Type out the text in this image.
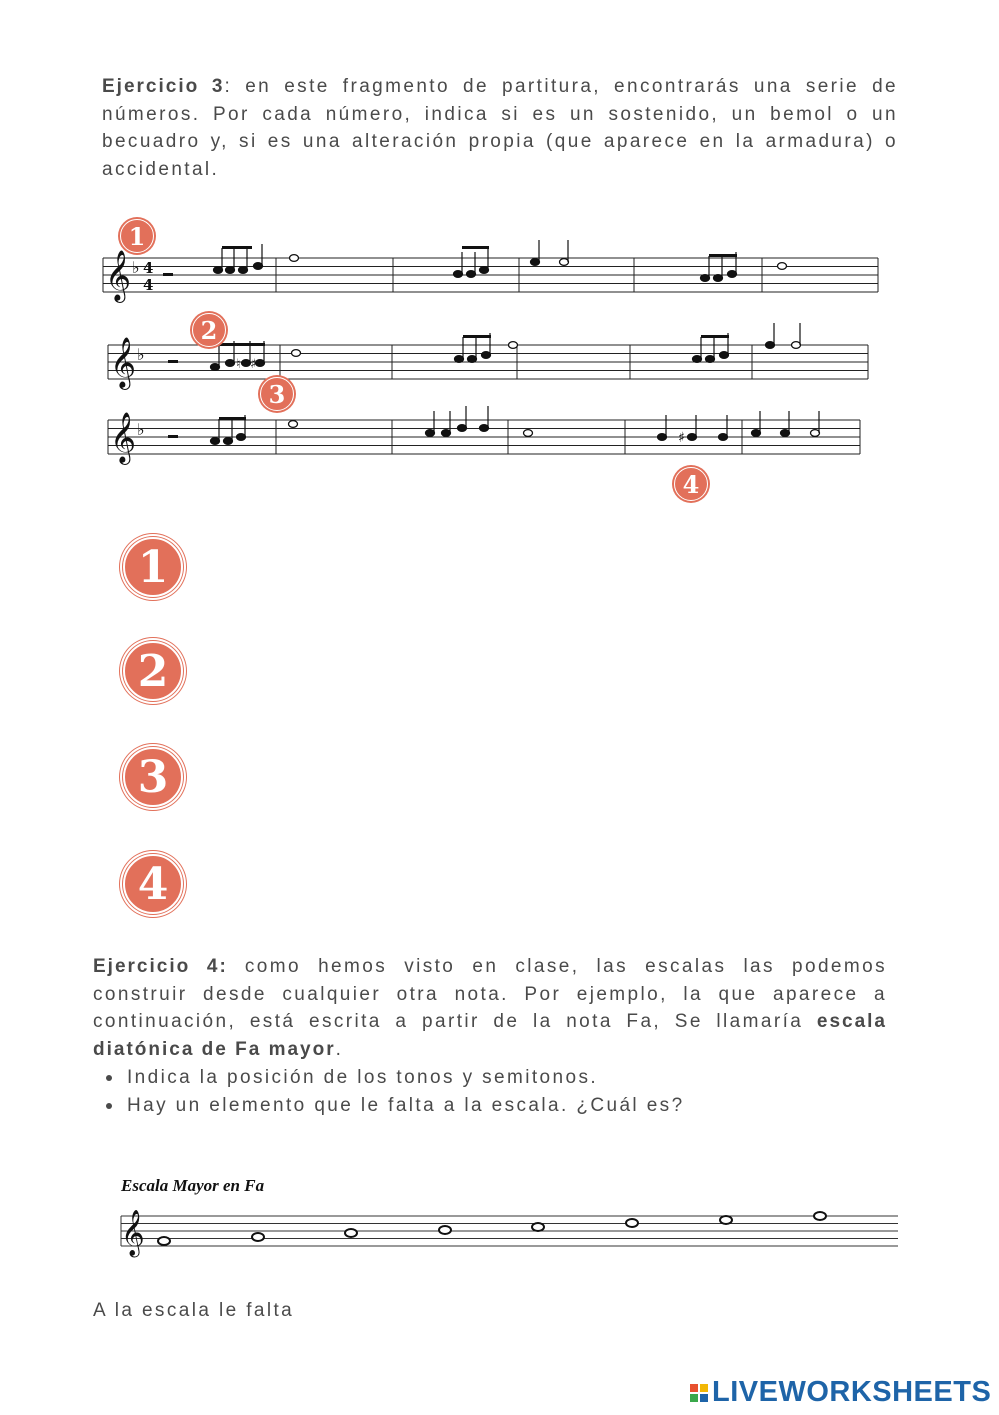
Ejercicio 3: en este fragmento de partitura, encontrarás una serie de números. Por cada número, indica si es un sostenido, un bemol o un becuadro y, si es una alteración propia (que aparece en la armadura) o accidental.

𝄞 ♭
𝄞 ♭
𝄞 ♭
4
4
♮ ♯
♯
1
2
3
4
1
2
3
4

Ejercicio 4: como hemos visto en clase, las escalas las podemos construir desde cualquier otra nota. Por ejemplo, la que aparece a continuación, está escrita a partir de la nota Fa, Se llamaría escala diatónica de Fa mayor.

Indica la posición de los tonos y semitonos.
Hay un elemento que le falta a la escala. ¿Cuál es?
Escala Mayor en Fa
𝄞
A la escala le falta
LIVEWORKSHEETS
